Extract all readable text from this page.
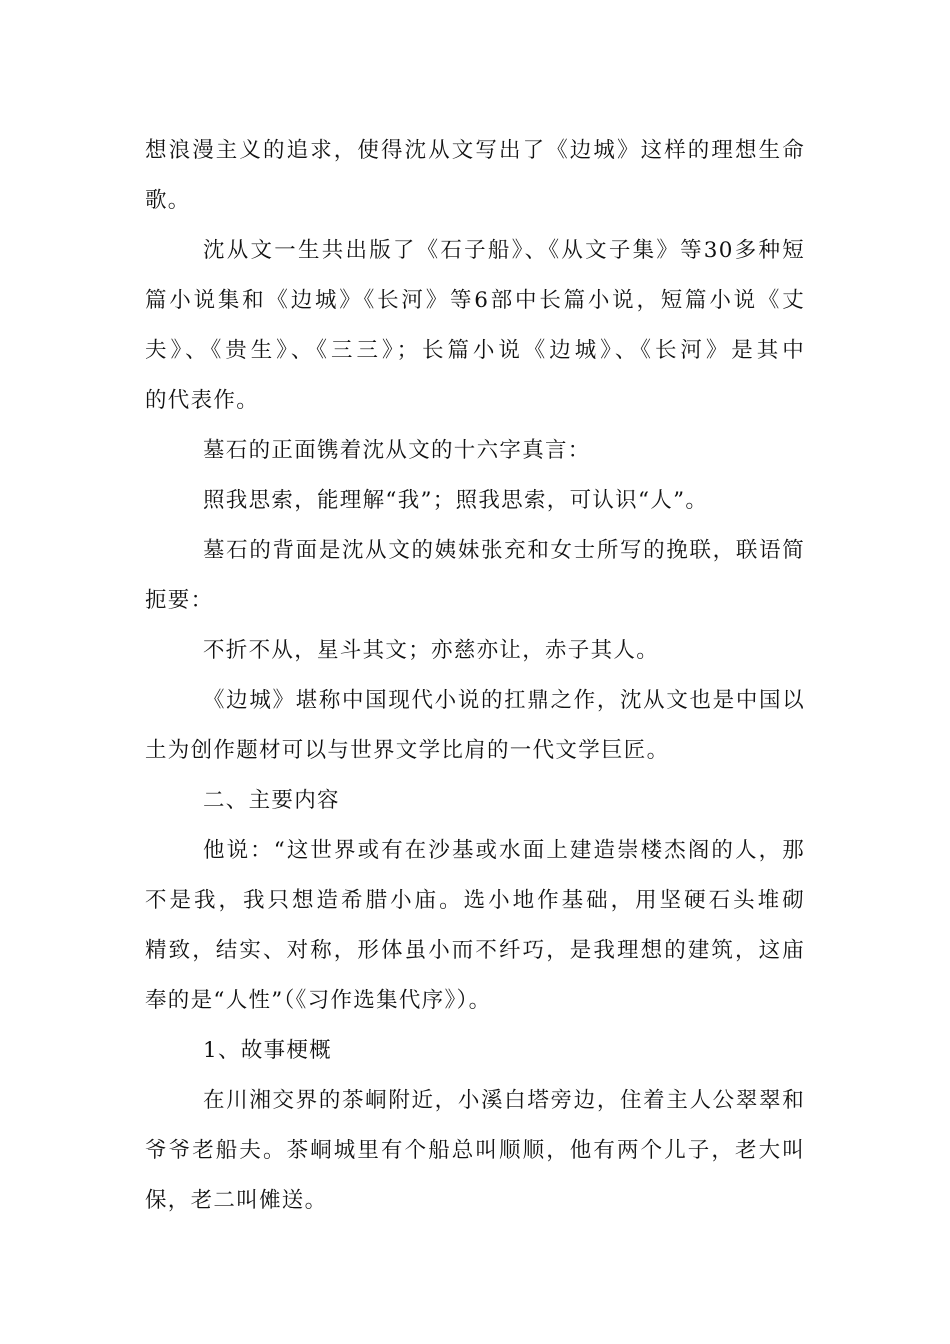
想浪漫主义的追求，使得沈从文写出了《边城》这样的理想生命
歌。
沈从文一生共出版了《石子船》、《从文子集》等30多种短
篇小说集和《边城》《长河》等6部中长篇小说，短篇小说《丈
夫》、《贵生》、《三三》；长篇小说《边城》、《长河》是其中
的代表作。
墓石的正面镌着沈从文的十六字真言：
照我思索，能理解“我”；照我思索，可认识“人”。
墓石的背面是沈从文的姨妹张充和女士所写的挽联，联语简
扼要：
不折不从，星斗其文；亦慈亦让，赤子其人。
《边城》堪称中国现代小说的扛鼎之作，沈从文也是中国以
土为创作题材可以与世界文学比肩的一代文学巨匠。
二、主要内容
他说：“这世界或有在沙基或水面上建造崇楼杰阁的人，那
不是我，我只想造希腊小庙。选小地作基础，用坚硬石头堆砌
精致，结实、对称，形体虽小而不纤巧，是我理想的建筑，这庙
奉的是“人性”（《习作选集代序》）。
1、故事梗概
在川湘交界的茶峒附近，小溪白塔旁边，住着主人公翠翠和
爷爷老船夫。茶峒城里有个船总叫顺顺，他有两个儿子，老大叫
保，老二叫傩送。
